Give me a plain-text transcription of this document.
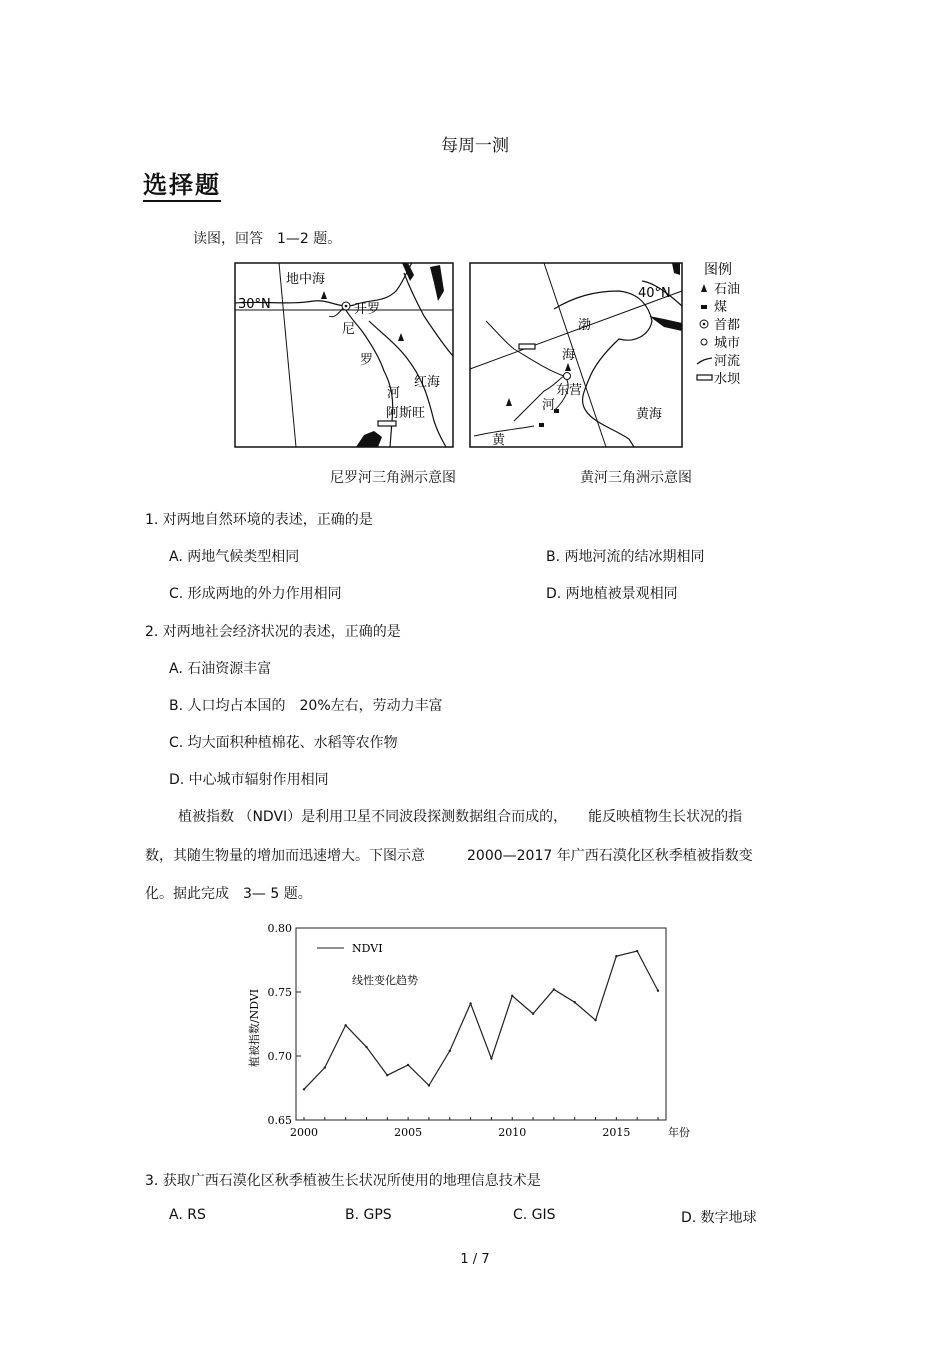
每周一测
选择题
读图，回答　1—2 题。
地中海
30°N	开罗
尼
罗
河
红海
阿斯旺
40°N
渤
海
东营
河
黄海
黄
图例
石油
煤
首都
城市
河流
水坝
尼罗河三角洲示意图	黄河三角洲示意图
1. 对两地自然环境的表述，正确的是
A. 两地气候类型相同	B. 两地河流的结冰期相同
C. 形成两地的外力作用相同	D. 两地植被景观相同
2. 对两地社会经济状况的表述，正确的是
A. 石油资源丰富
B. 人口均占本国的　20%左右，劳动力丰富
C. 均大面积种植棉花、水稻等农作物
D. 中心城市辐射作用相同
植被指数 （NDVI）是利用卫星不同波段探测数据组合而成的，　　能反映植物生长状况的指
数，其随生物量的增加而迅速增大。下图示意　　　2000—2017 年广西石漠化区秋季植被指数变
化。据此完成　3— 5 题。
植被指数/NDVI
年份
0.65
0.70
0.75
0.80
2000	2005	2010	2015
NDVI
线性变化趋势
3. 获取广西石漠化区秋季植被生长状况所使用的地理信息技术是
A. RS	B. GPS	C. GIS	D. 数字地球
1 / 7
